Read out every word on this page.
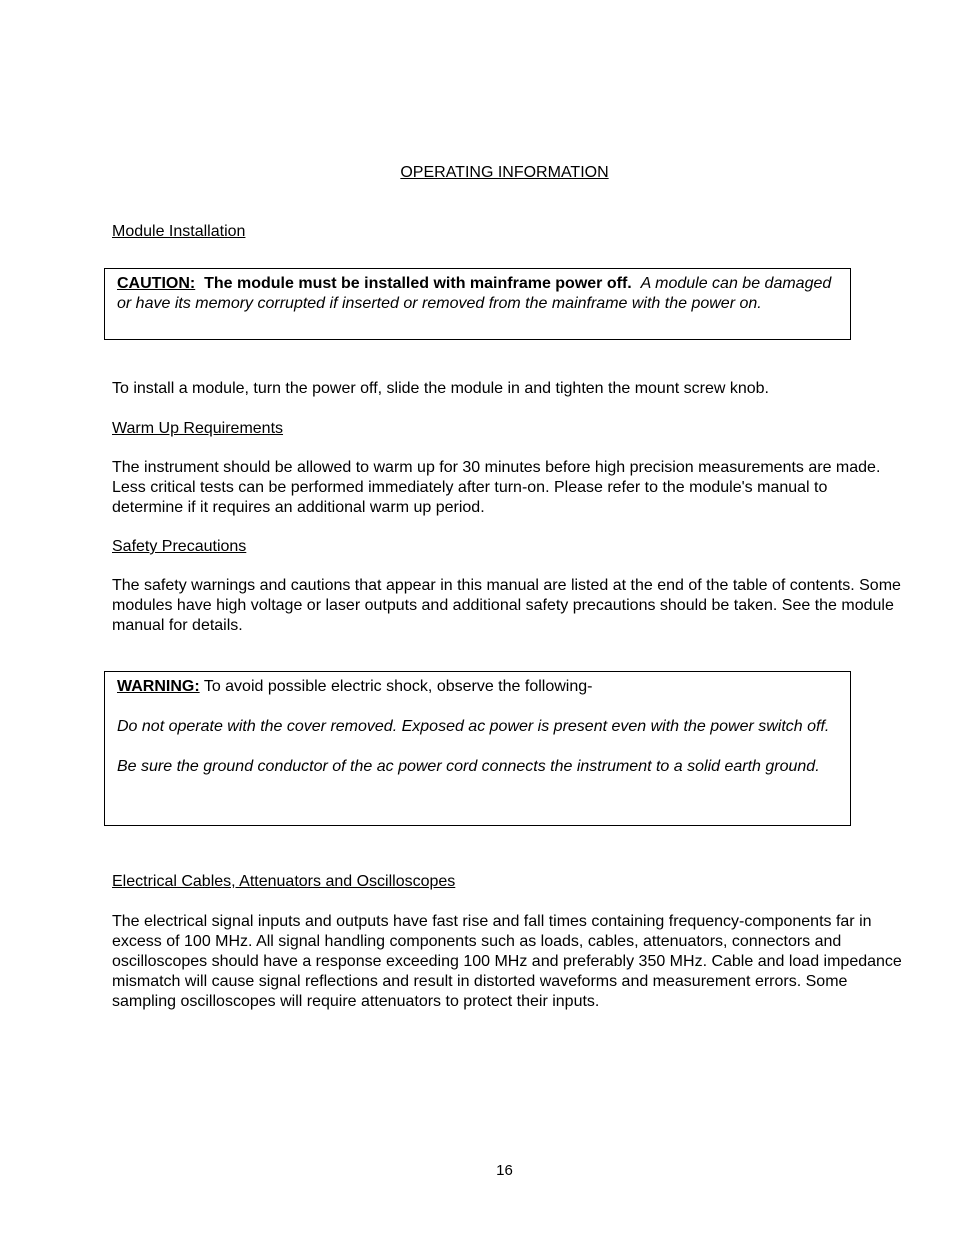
OPERATING INFORMATION
Module Installation
CAUTION: The module must be installed with mainframe power off. A module can be damaged or have its memory corrupted if inserted or removed from the mainframe with the power on.
To install a module, turn the power off, slide the module in and tighten the mount screw knob.
Warm Up Requirements
The instrument should be allowed to warm up for 30 minutes before high precision measurements are made. Less critical tests can be performed immediately after turn-on. Please refer to the module's manual to determine if it requires an additional warm up period.
Safety Precautions
The safety warnings and cautions that appear in this manual are listed at the end of the table of contents. Some modules have high voltage or laser outputs and additional safety precautions should be taken. See the module manual for details.

WARNING: To avoid possible electric shock, observe the following-

Do not operate with the cover removed. Exposed ac power is present even with the power switch off.

Be sure the ground conductor of the ac power cord connects the instrument to a solid earth ground.

Electrical Cables, Attenuators and Oscilloscopes
The electrical signal inputs and outputs have fast rise and fall times containing frequency-components far in excess of 100 MHz. All signal handling components such as loads, cables, attenuators, connectors and oscilloscopes should have a response exceeding 100 MHz and preferably 350 MHz. Cable and load impedance mismatch will cause signal reflections and result in distorted waveforms and measurement errors. Some sampling oscilloscopes will require attenuators to protect their inputs.
16
